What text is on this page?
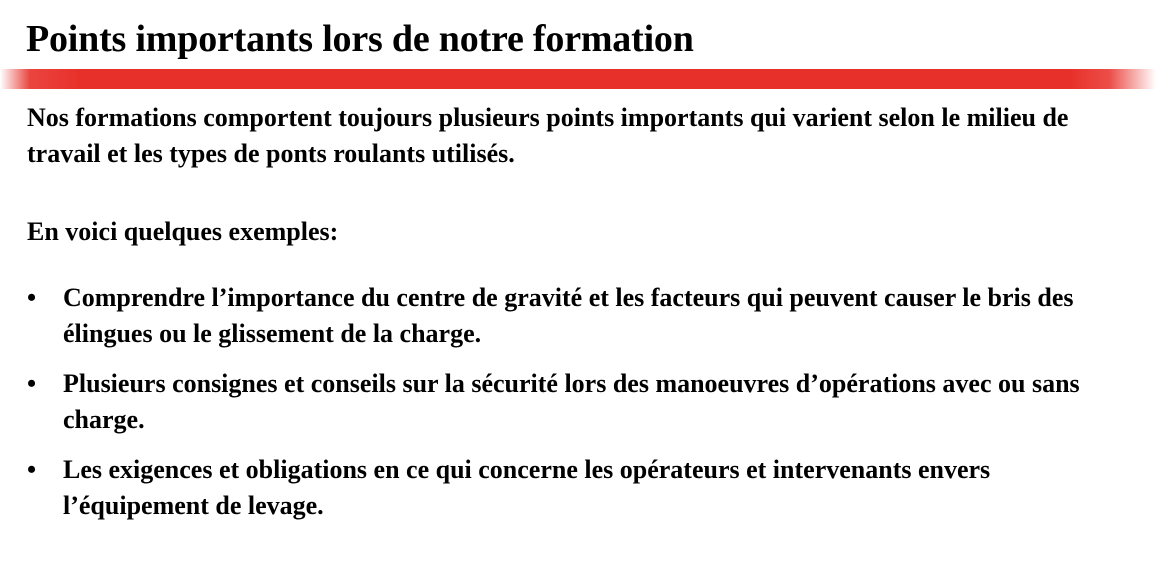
Points importants lors de notre formation

Nos formations comportent toujours plusieurs points importants qui varient selon le milieu de travail et les types de ponts roulants utilisés.

En voici quelques exemples:

•	Comprendre l’importance du centre de gravité et les facteurs qui peuvent causer le bris des élingues ou le glissement de la charge.
•	Plusieurs consignes et conseils sur la sécurité lors des manoeuvres d’opérations avec ou sans charge.
•	Les exigences et obligations en ce qui concerne les opérateurs et intervenants envers l’équipement de levage.
